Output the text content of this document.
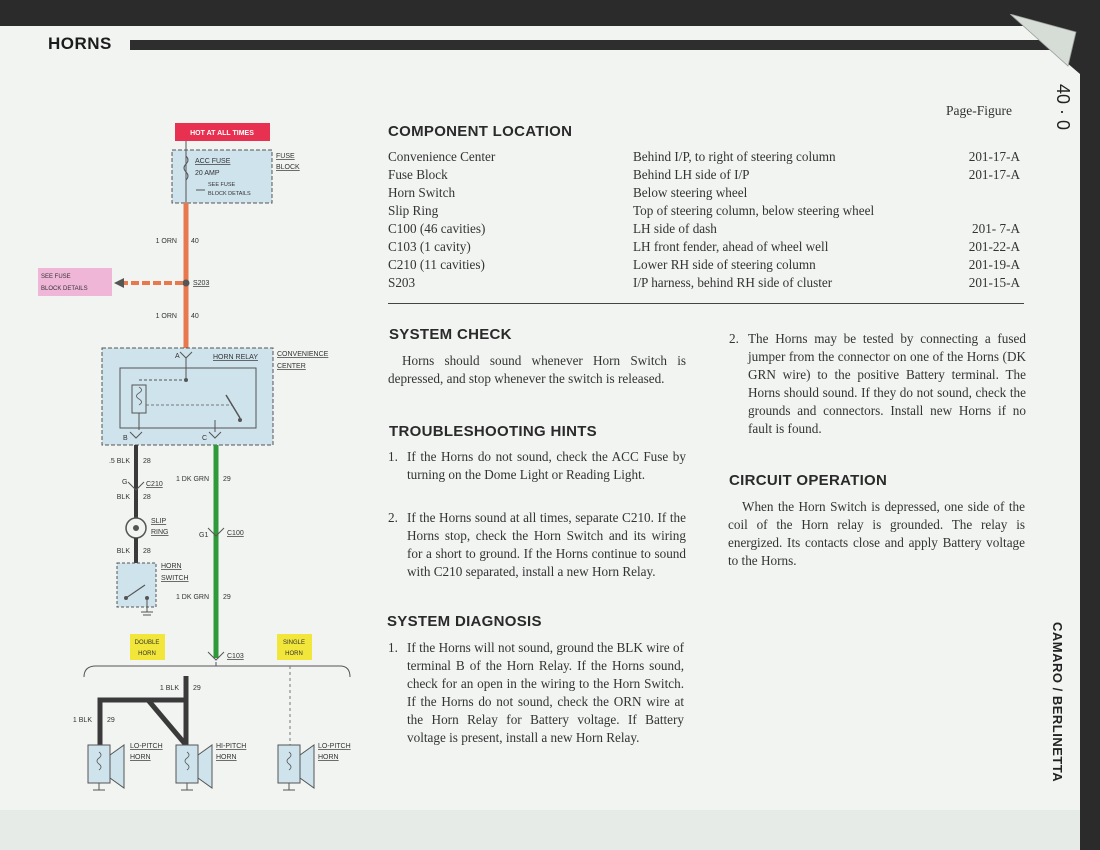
HORNS
40 · 0
CAMARO / BERLINETTA
HOT AT ALL TIMES
ACC FUSE
20 AMP
SEE FUSE
BLOCK DETAILS
FUSE
BLOCK
1 ORN 40
S203
SEE FUSE
BLOCK DETAILS
1 ORN 40
A	HORN RELAY	CONVENIENCE
CENTER
B	C
.5 BLK 28
G	C210
BLK 28
SLIP
RING
BLK 28
HORN
SWITCH
1 DK GRN 29
G1	C100
1 DK GRN 29
C103
DOUBLE
HORN
SINGLE
HORN
1 BLK 29
1 BLK 29
LO-PITCH
HORN
HI-PITCH
HORN
LO-PITCH
HORN
COMPONENT LOCATION
Page-Figure
Convenience Center	Behind I/P, to right of steering column	201-17-A
Fuse Block	Behind LH side of I/P	201-17-A
Horn Switch	Below steering wheel
Slip Ring	Top of steering column, below steering wheel
C100 (46 cavities)	LH side of dash	201- 7-A
C103 (1 cavity)	LH front fender, ahead of wheel well	201-22-A
C210 (11 cavities)	Lower RH side of steering column	201-19-A
S203	I/P harness, behind RH side of cluster	201-15-A
SYSTEM CHECK
Horns should sound whenever Horn Switch is depressed, and stop whenever the switch is released.
TROUBLESHOOTING HINTS
1. If the Horns do not sound, check the ACC Fuse by turning on the Dome Light or Reading Light.
2. If the Horns sound at all times, separate C210. If the Horns stop, check the Horn Switch and its wiring for a short to ground. If the Horns continue to sound with C210 separated, install a new Horn Relay.
SYSTEM DIAGNOSIS
1. If the Horns will not sound, ground the BLK wire of terminal B of the Horn Relay. If the Horns sound, check for an open in the wiring to the Horn Switch. If the Horns do not sound, check the ORN wire at the Horn Relay for Battery voltage. If Battery voltage is present, install a new Horn Relay.
2. The Horns may be tested by connecting a fused jumper from the connector on one of the Horns (DK GRN wire) to the positive Battery terminal. The Horns should sound. If they do not sound, check the grounds and connectors. Install new Horns if no fault is found.
CIRCUIT OPERATION
When the Horn Switch is depressed, one side of the coil of the Horn relay is grounded. The relay is energized. Its contacts close and apply Battery voltage to the Horns.
